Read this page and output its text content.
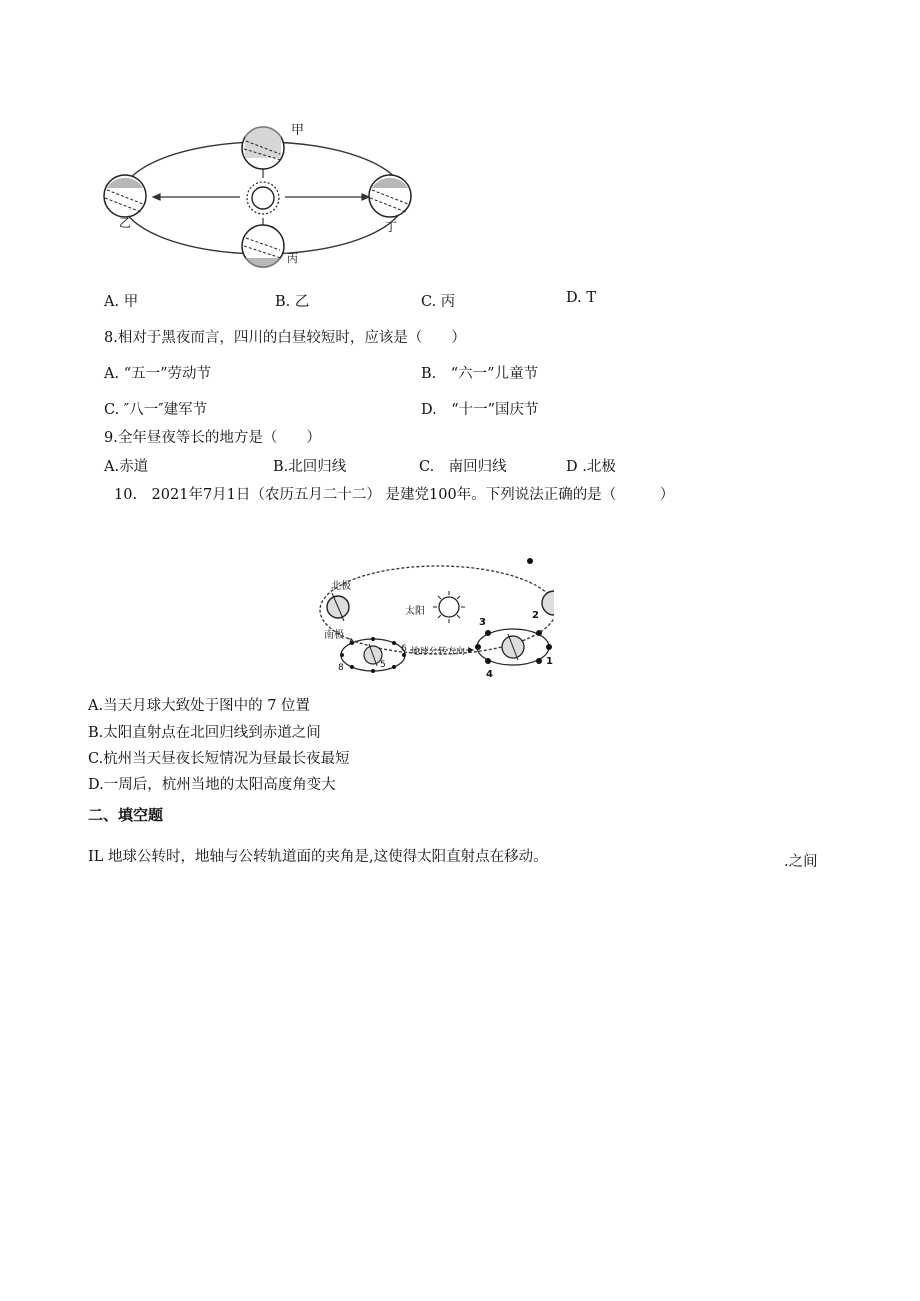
甲
乙
丙
丁
A. 甲	B. 乙	C. 丙	D. T
8.相对于黑夜而言，四川的白昼较短时，应该是（　　）
A. “五一”劳动节	B.　“六一”儿童节
C. ″八一″建军节	D.　“十一”国庆节
9.全年昼夜等长的地方是（　　）
A.赤道	B.北回归线	C.　南回归线	D .北极
10.　2021年7月1日（农历五月二十二） 是建党100年。下列说法正确的是（　　　）
北极
南极
太阳
地球公转方向
1
2
3
4
5
6
7
8
A.当天月球大致处于图中的 7 位置
B.太阳直射点在北回归线到赤道之间
C.杭州当天昼夜长短情况为昼最长夜最短
D.一周后，杭州当地的太阳高度角变大
二、填空题
IL 地球公转时，地轴与公转轨道面的夹角是,这使得太阳直射点在移动。	.之间
